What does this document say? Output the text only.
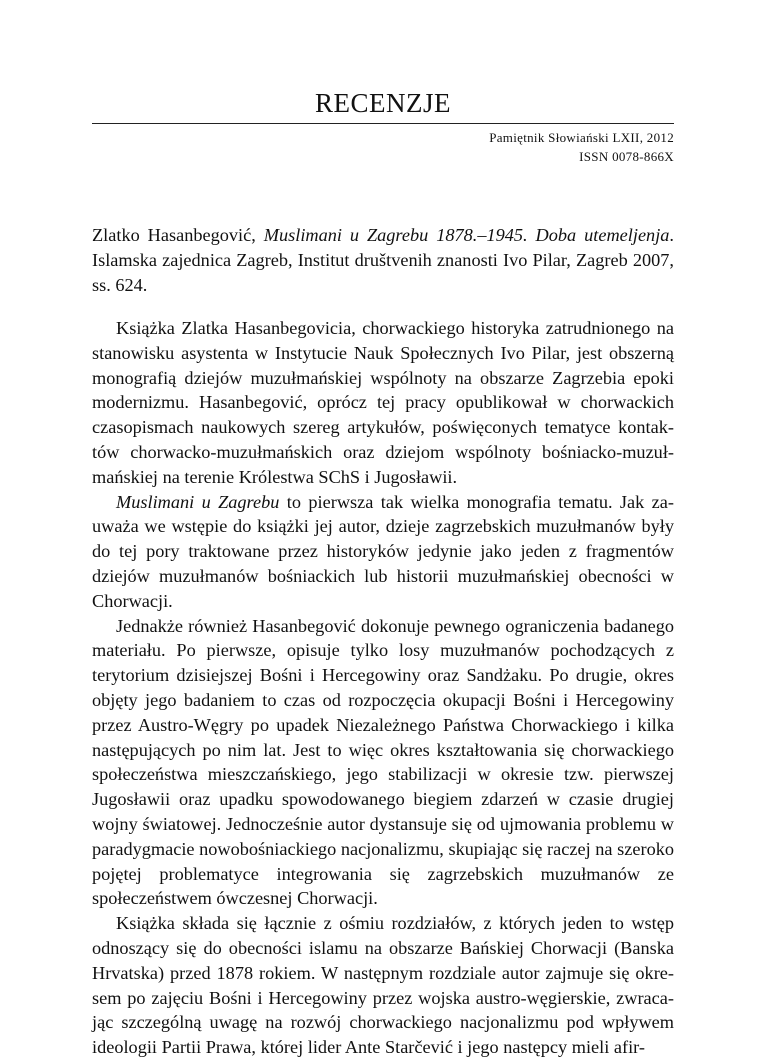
RECENZJE
Pamiętnik Słowiański LXII, 2012
ISSN 0078-866X
Zlatko Hasanbegović, Muslimani u Zagrebu 1878.–1945. Doba utemeljenja. Islamska zajednica Zagreb, Institut društvenih znanosti Ivo Pilar, Zagreb 2007, ss. 624.

Książka Zlatka Hasanbegovicia, chorwackiego historyka zatrudnionego na stanowisku asystenta w Instytucie Nauk Społecznych Ivo Pilar, jest obszerną monografią dziejów muzułmańskiej wspólnoty na obszarze Zagrzebia epoki modernizmu. Hasanbegović, oprócz tej pracy opublikował w chorwackich czasopismach naukowych szereg artykułów, poświęconych tematyce kontaktów chorwacko-muzułmańskich oraz dziejom wspólnoty bośniacko-muzułmańskiej na terenie Królestwa SChS i Jugosławii.

Muslimani u Zagrebu to pierwsza tak wielka monografia tematu. Jak zauważa we wstępie do książki jej autor, dzieje zagrzebskich muzułmanów były do tej pory traktowane przez historyków jedynie jako jeden z fragmentów dziejów muzułmanów bośniackich lub historii muzułmańskiej obecności w Chorwacji.

Jednakże również Hasanbegović dokonuje pewnego ograniczenia badanego materiału. Po pierwsze, opisuje tylko losy muzułmanów pochodzących z terytorium dzisiejszej Bośni i Hercegowiny oraz Sandżaku. Po drugie, okres objęty jego badaniem to czas od rozpoczęcia okupacji Bośni i Hercegowiny przez Austro-Węgry po upadek Niezależnego Państwa Chorwackiego i kilka następujących po nim lat. Jest to więc okres kształtowania się chorwackiego społeczeństwa mieszczańskiego, jego stabilizacji w okresie tzw. pierwszej Jugosławii oraz upadku spowodowanego biegiem zdarzeń w czasie drugiej wojny światowej. Jednocześnie autor dystansuje się od ujmowania problemu w paradygmacie nowobośniackiego nacjonalizmu, skupiając się raczej na szeroko pojętej problematyce integrowania się zagrzebskich muzułmanów ze społeczeństwem ówczesnej Chorwacji.

Książka składa się łącznie z ośmiu rozdziałów, z których jeden to wstęp odnoszący się do obecności islamu na obszarze Bańskiej Chorwacji (Banska Hrvatska) przed 1878 rokiem. W następnym rozdziale autor zajmuje się okresem po zajęciu Bośni i Hercegowiny przez wojska austro-węgierskie, zwracając szczególną uwagę na rozwój chorwackiego nacjonalizmu pod wpływem ideologii Partii Prawa, której lider Ante Starčević i jego następcy mieli afir-
